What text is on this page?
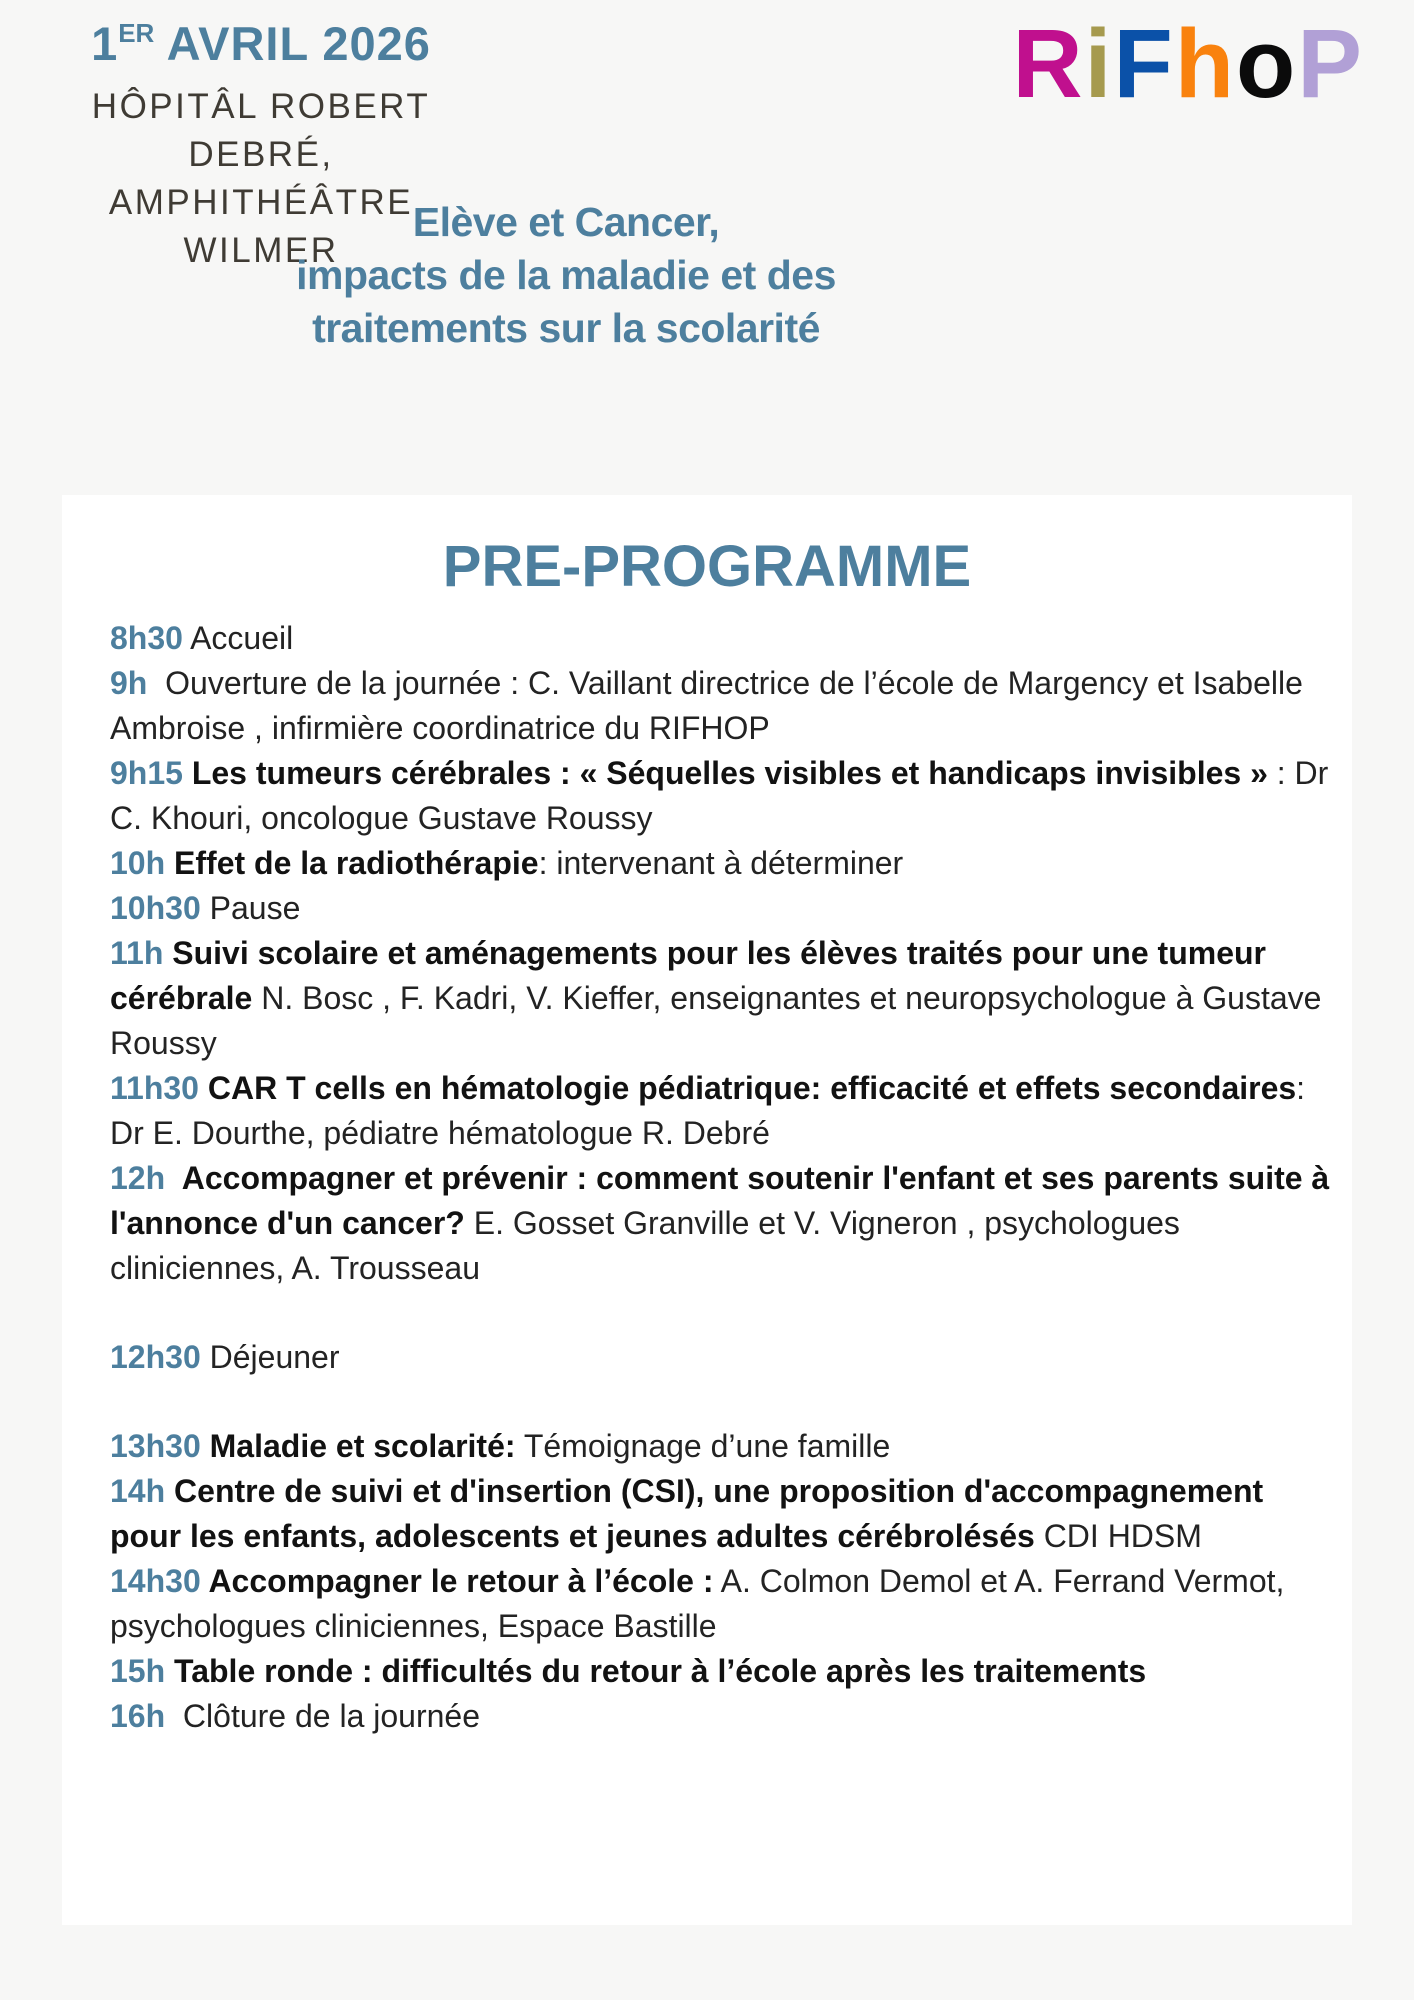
1ER AVRIL 2026
HÔPITÂL ROBERT DEBRÉ,
AMPHITHÉÂTRE WILMER
RiFhoP
Elève et Cancer,
impacts de la maladie et des
traitements sur la scolarité
PRE-PROGRAMME

8h30 Accueil

9h  Ouverture de la journée : C. Vaillant directrice de l’école de Margency et Isabelle Ambroise , infirmière coordinatrice du RIFHOP

9h15 Les tumeurs cérébrales : « Séquelles visibles et handicaps invisibles » : Dr C. Khouri, oncologue Gustave Roussy

10h Effet de la radiothérapie: intervenant à déterminer

10h30 Pause

11h Suivi scolaire et aménagements pour les élèves traités pour une tumeur cérébrale N. Bosc , F. Kadri, V. Kieffer, enseignantes et neuropsychologue à Gustave Roussy

11h30 CAR T cells en hématologie pédiatrique: efficacité et effets secondaires: Dr E. Dourthe, pédiatre hématologue R. Debré

12h  Accompagner et prévenir : comment soutenir l'enfant et ses parents suite à l'annonce d'un cancer? E. Gosset Granville et V. Vigneron , psychologues cliniciennes, A. Trousseau

12h30 Déjeuner

13h30 Maladie et scolarité: Témoignage d’une famille

14h Centre de suivi et d'insertion (CSI), une proposition d'accompagnement pour les enfants, adolescents et jeunes adultes cérébrolésés CDI HDSM

14h30 Accompagner le retour à l’école : A. Colmon Demol et A. Ferrand Vermot, psychologues cliniciennes, Espace Bastille

15h Table ronde : difficultés du retour à l’école après les traitements

16h  Clôture de la journée
